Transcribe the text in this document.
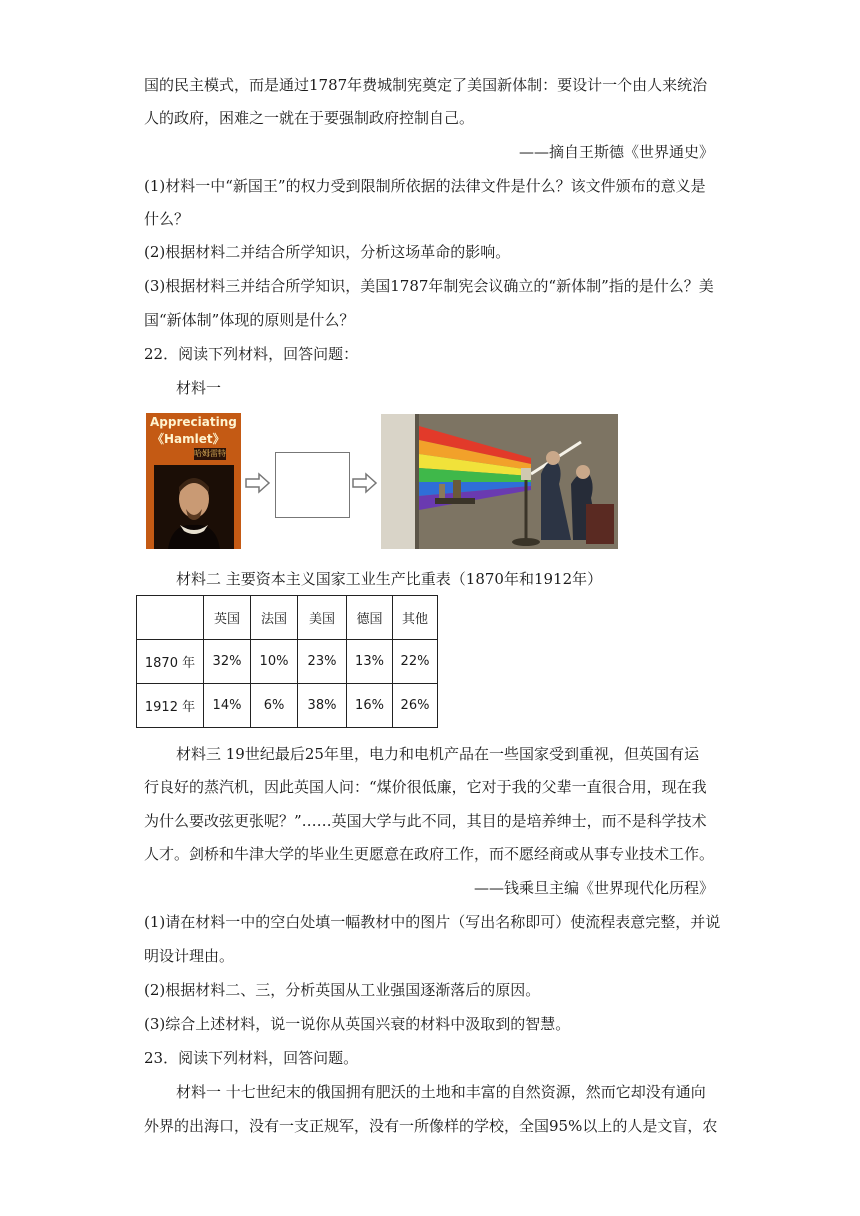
国的民主模式，而是通过1787年费城制宪奠定了美国新体制：要设计一个由人来统治
人的政府，困难之一就在于要强制政府控制自己。
——摘自王斯德《世界通史》
(1)材料一中“新国王”的权力受到限制所依据的法律文件是什么？该文件颁布的意义是
什么？
(2)根据材料二并结合所学知识，分析这场革命的影响。
(3)根据材料三并结合所学知识，美国1787年制宪会议确立的“新体制”指的是什么？美
国“新体制”体现的原则是什么？
22．阅读下列材料，回答问题：
材料一
Appreciating
《Hamlet》
哈姆雷特
材料二 主要资本主义国家工业生产比重表（1870年和1912年）
	英国	法国	美国	德国	其他
1870 年	32%	10%	23%	13%	22%
1912 年	14%	6%	38%	16%	26%
材料三 19世纪最后25年里，电力和电机产品在一些国家受到重视，但英国有运
行良好的蒸汽机，因此英国人问：“煤价很低廉，它对于我的父辈一直很合用，现在我
为什么要改弦更张呢？”……英国大学与此不同，其目的是培养绅士，而不是科学技术
人才。剑桥和牛津大学的毕业生更愿意在政府工作，而不愿经商或从事专业技术工作。
——钱乘旦主编《世界现代化历程》
(1)请在材料一中的空白处填一幅教材中的图片（写出名称即可）使流程表意完整，并说
明设计理由。
(2)根据材料二、三，分析英国从工业强国逐渐落后的原因。
(3)综合上述材料，说一说你从英国兴衰的材料中汲取到的智慧。
23．阅读下列材料，回答问题。
材料一 十七世纪末的俄国拥有肥沃的土地和丰富的自然资源，然而它却没有通向
外界的出海口，没有一支正规军，没有一所像样的学校，全国95%以上的人是文盲，农
